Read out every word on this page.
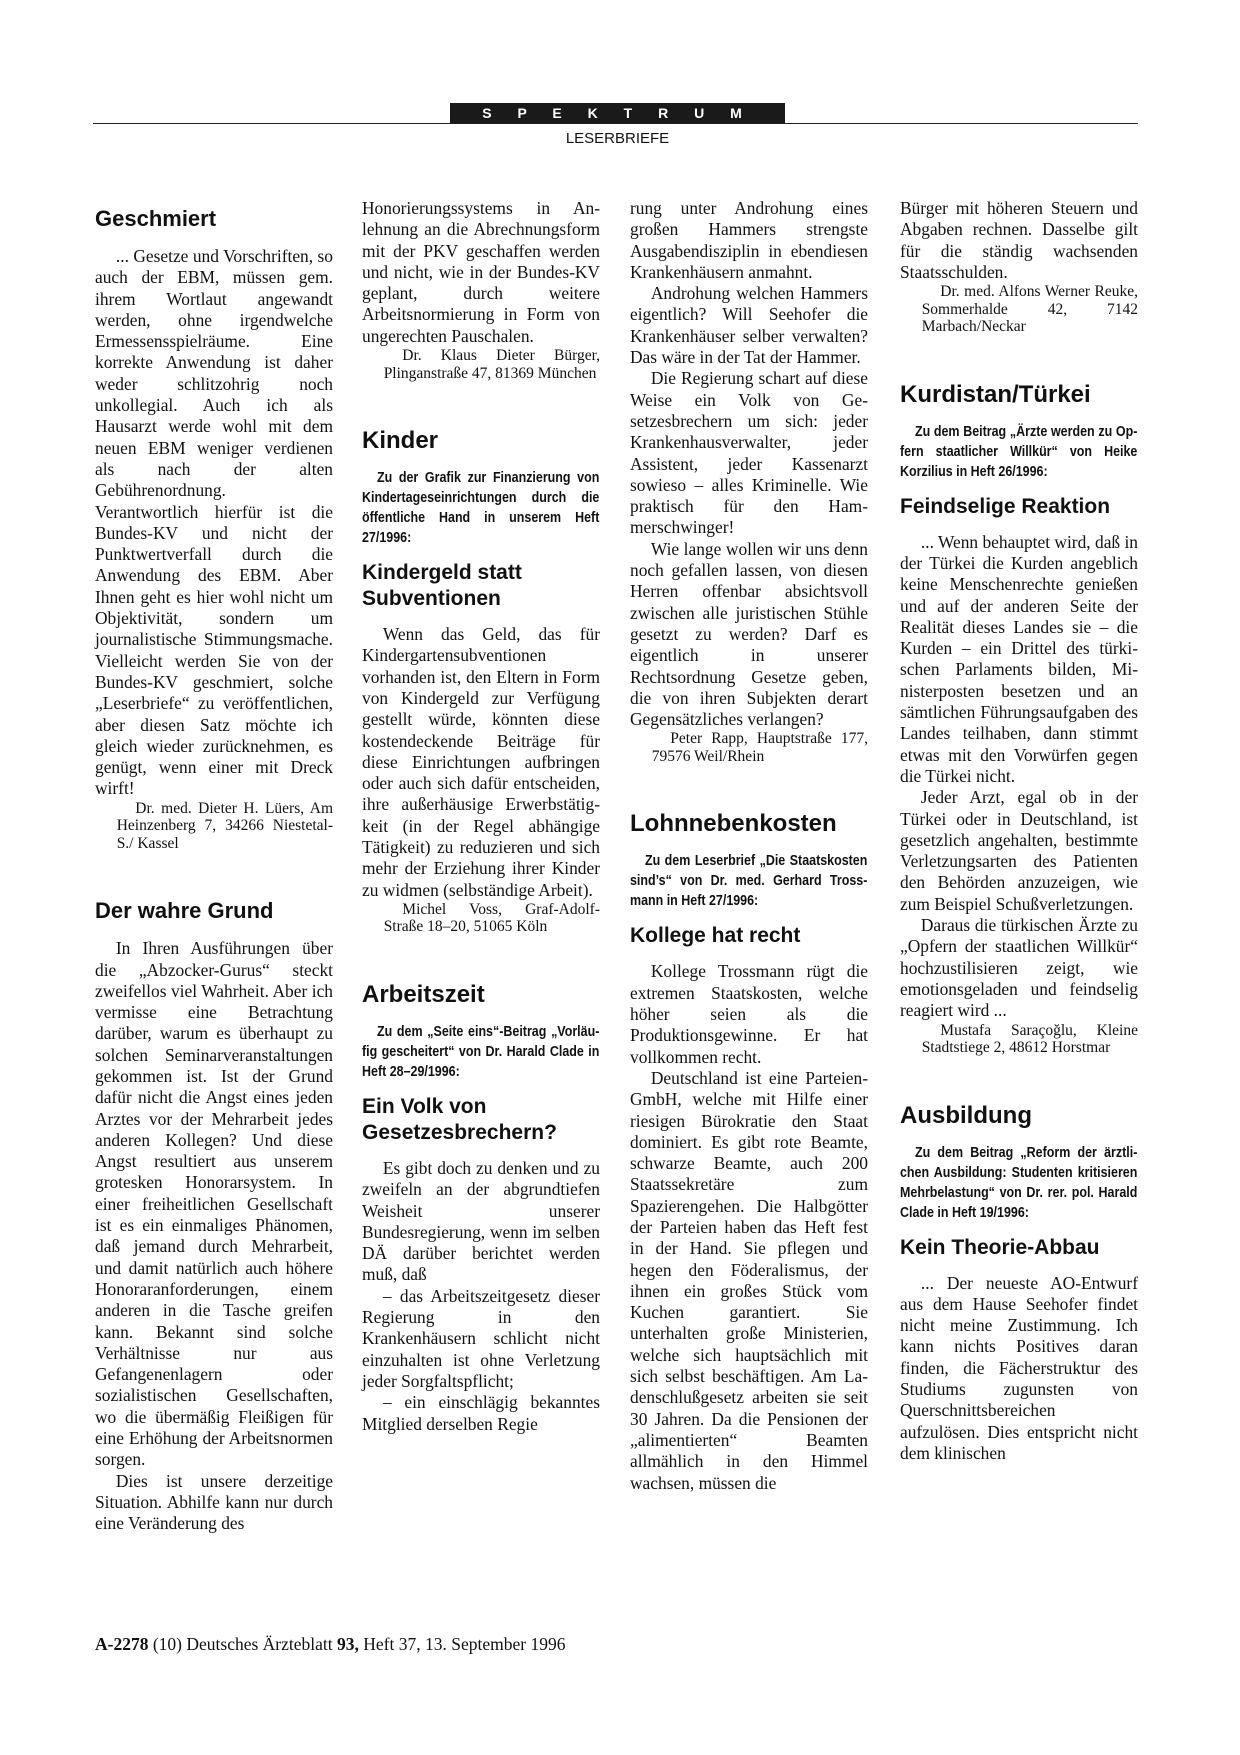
S P E K T R U M
LESERBRIEFE
Geschmiert

... Gesetze und Vorschriften, so auch der EBM, müssen gem. ihrem Wortlaut angewandt werden, ohne irgendwelche Ermessensspielräume. Eine korrekte Anwendung ist daher weder schlitzohrig noch unkollegial. Auch ich als Hausarzt werde wohl mit dem neuen EBM weniger verdienen als nach der alten Gebührenordnung. Verantwortlich hierfür ist die Bundes-KV und nicht der Punktwertverfall durch die Anwendung des EBM. Aber Ihnen geht es hier wohl nicht um Objektivität, sondern um journalistische Stimmungsmache. Vielleicht werden Sie von der Bundes-KV geschmiert, solche „Leserbriefe“ zu veröffentlichen, aber diesen Satz möchte ich gleich wieder zurücknehmen, es genügt, wenn einer mit Dreck wirft!

Dr. med. Dieter H. Lüers, Am Heinzenberg 7, 34266 Niestetal-S./ Kassel

Der wahre Grund

In Ihren Ausführungen über die „Abzocker-Gurus“ steckt zweifellos viel Wahrheit. Aber ich vermisse eine Betrachtung darüber, warum es überhaupt zu solchen Seminarveranstaltungen gekommen ist. Ist der Grund dafür nicht die Angst eines jeden Arztes vor der Mehrarbeit jedes anderen Kollegen? Und diese Angst resultiert aus unserem grotesken Honorarsystem. In einer freiheitlichen Gesellschaft ist es ein einmaliges Phänomen, daß jemand durch Mehrarbeit, und damit natürlich auch höhere Honoraranforderungen, einem anderen in die Tasche greifen kann. Bekannt sind solche Verhältnisse nur aus Gefangenenlagern oder sozialistischen Gesellschaften, wo die übermäßig Fleißigen für eine Erhöhung der Arbeitsnormen sorgen.

Dies ist unsere derzeitige Situation. Abhilfe kann nur durch eine Veränderung des

Honorierungssystems in Anlehnung an die Abrechnungsform mit der PKV geschaffen werden und nicht, wie in der Bundes-KV geplant, durch weitere Arbeitsnormierung in Form von ungerechten Pauschalen.

Dr. Klaus Dieter Bürger, Plinganstraße 47, 81369 München

Kinder

Zu der Grafik zur Finanzierung von Kindertageseinrichtungen durch die öffentliche Hand in unserem Heft 27/1996:

Kindergeld statt Subventionen

Wenn das Geld, das für Kindergartensubventionen vorhanden ist, den Eltern in Form von Kindergeld zur Verfügung gestellt würde, könnten diese kostendeckende Beiträge für diese Einrichtungen aufbringen oder auch sich dafür entscheiden, ihre außerhäusige Erwerbstätigkeit (in der Regel abhängige Tätigkeit) zu reduzieren und sich mehr der Erziehung ihrer Kinder zu widmen (selbständige Arbeit).

Michel Voss, Graf-Adolf-Straße 18–20, 51065 Köln

Arbeitszeit

Zu dem „Seite eins“-Beitrag „Vorläufig gescheitert“ von Dr. Harald Clade in Heft 28–29/1996:

Ein Volk von Gesetzesbrechern?

Es gibt doch zu denken und zu zweifeln an der abgrundtiefen Weisheit unserer Bundesregierung, wenn im selben DÄ darüber berichtet werden muß, daß

– das Arbeitszeitgesetz dieser Regierung in den Krankenhäusern schlicht nicht einzuhalten ist ohne Verletzung jeder Sorgfaltspflicht;

– ein einschlägig bekanntes Mitglied derselben Regie

rung unter Androhung eines großen Hammers strengste Ausgabendisziplin in ebendiesen Krankenhäusern anmahnt.

Androhung welchen Hammers eigentlich? Will Seehofer die Krankenhäuser selber verwalten? Das wäre in der Tat der Hammer.

Die Regierung schart auf diese Weise ein Volk von Gesetzesbrechern um sich: jeder Krankenhausverwalter, jeder Assistent, jeder Kassenarzt sowieso – alles Kriminelle. Wie praktisch für den Hammerschwinger!

Wie lange wollen wir uns denn noch gefallen lassen, von diesen Herren offenbar absichtsvoll zwischen alle juristischen Stühle gesetzt zu werden? Darf es eigentlich in unserer Rechtsordnung Gesetze geben, die von ihren Subjekten derart Gegensätzliches verlangen?

Peter Rapp, Hauptstraße 177, 79576 Weil/Rhein

Lohnnebenkosten

Zu dem Leserbrief „Die Staatskosten sind’s“ von Dr. med. Gerhard Trossmann in Heft 27/1996:

Kollege hat recht

Kollege Trossmann rügt die extremen Staatskosten, welche höher seien als die Produktionsgewinne. Er hat vollkommen recht.

Deutschland ist eine Parteien-GmbH, welche mit Hilfe einer riesigen Bürokratie den Staat dominiert. Es gibt rote Beamte, schwarze Beamte, auch 200 Staatssekretäre zum Spazierengehen. Die Halbgötter der Parteien haben das Heft fest in der Hand. Sie pflegen und hegen den Föderalismus, der ihnen ein großes Stück vom Kuchen garantiert. Sie unterhalten große Ministerien, welche sich hauptsächlich mit sich selbst beschäftigen. Am Ladenschlußgesetz arbeiten sie seit 30 Jahren. Da die Pensionen der „alimentierten“ Beamten allmählich in den Himmel wachsen, müssen die

Bürger mit höheren Steuern und Abgaben rechnen. Dasselbe gilt für die ständig wachsenden Staatsschulden.

Dr. med. Alfons Werner Reuke, Sommerhalde 42, 7142 Marbach/Neckar

Kurdistan/Türkei

Zu dem Beitrag „Ärzte werden zu Opfern staatlicher Willkür“ von Heike Korzilius in Heft 26/1996:

Feindselige Reaktion

... Wenn behauptet wird, daß in der Türkei die Kurden angeblich keine Menschenrechte genießen und auf der anderen Seite der Realität dieses Landes sie – die Kurden – ein Drittel des türkischen Parlaments bilden, Ministerposten besetzen und an sämtlichen Führungsaufgaben des Landes teilhaben, dann stimmt etwas mit den Vorwürfen gegen die Türkei nicht.

Jeder Arzt, egal ob in der Türkei oder in Deutschland, ist gesetzlich angehalten, bestimmte Verletzungsarten des Patienten den Behörden anzuzeigen, wie zum Beispiel Schußverletzungen.

Daraus die türkischen Ärzte zu „Opfern der staatlichen Willkür“ hochzustilisieren zeigt, wie emotionsgeladen und feindselig reagiert wird ...

Mustafa Saraçoğlu, Kleine Stadtstiege 2, 48612 Horstmar

Ausbildung

Zu dem Beitrag „Reform der ärztlichen Ausbildung: Studenten kritisieren Mehrbelastung“ von Dr. rer. pol. Harald Clade in Heft 19/1996:

Kein Theorie-Abbau

... Der neueste AO-Entwurf aus dem Hause Seehofer findet nicht meine Zustimmung. Ich kann nichts Positives daran finden, die Fächerstruktur des Studiums zugunsten von Querschnittsbereichen aufzulösen. Dies entspricht nicht dem klinischen

A-2278 (10) Deutsches Ärzteblatt 93, Heft 37, 13. September 1996
